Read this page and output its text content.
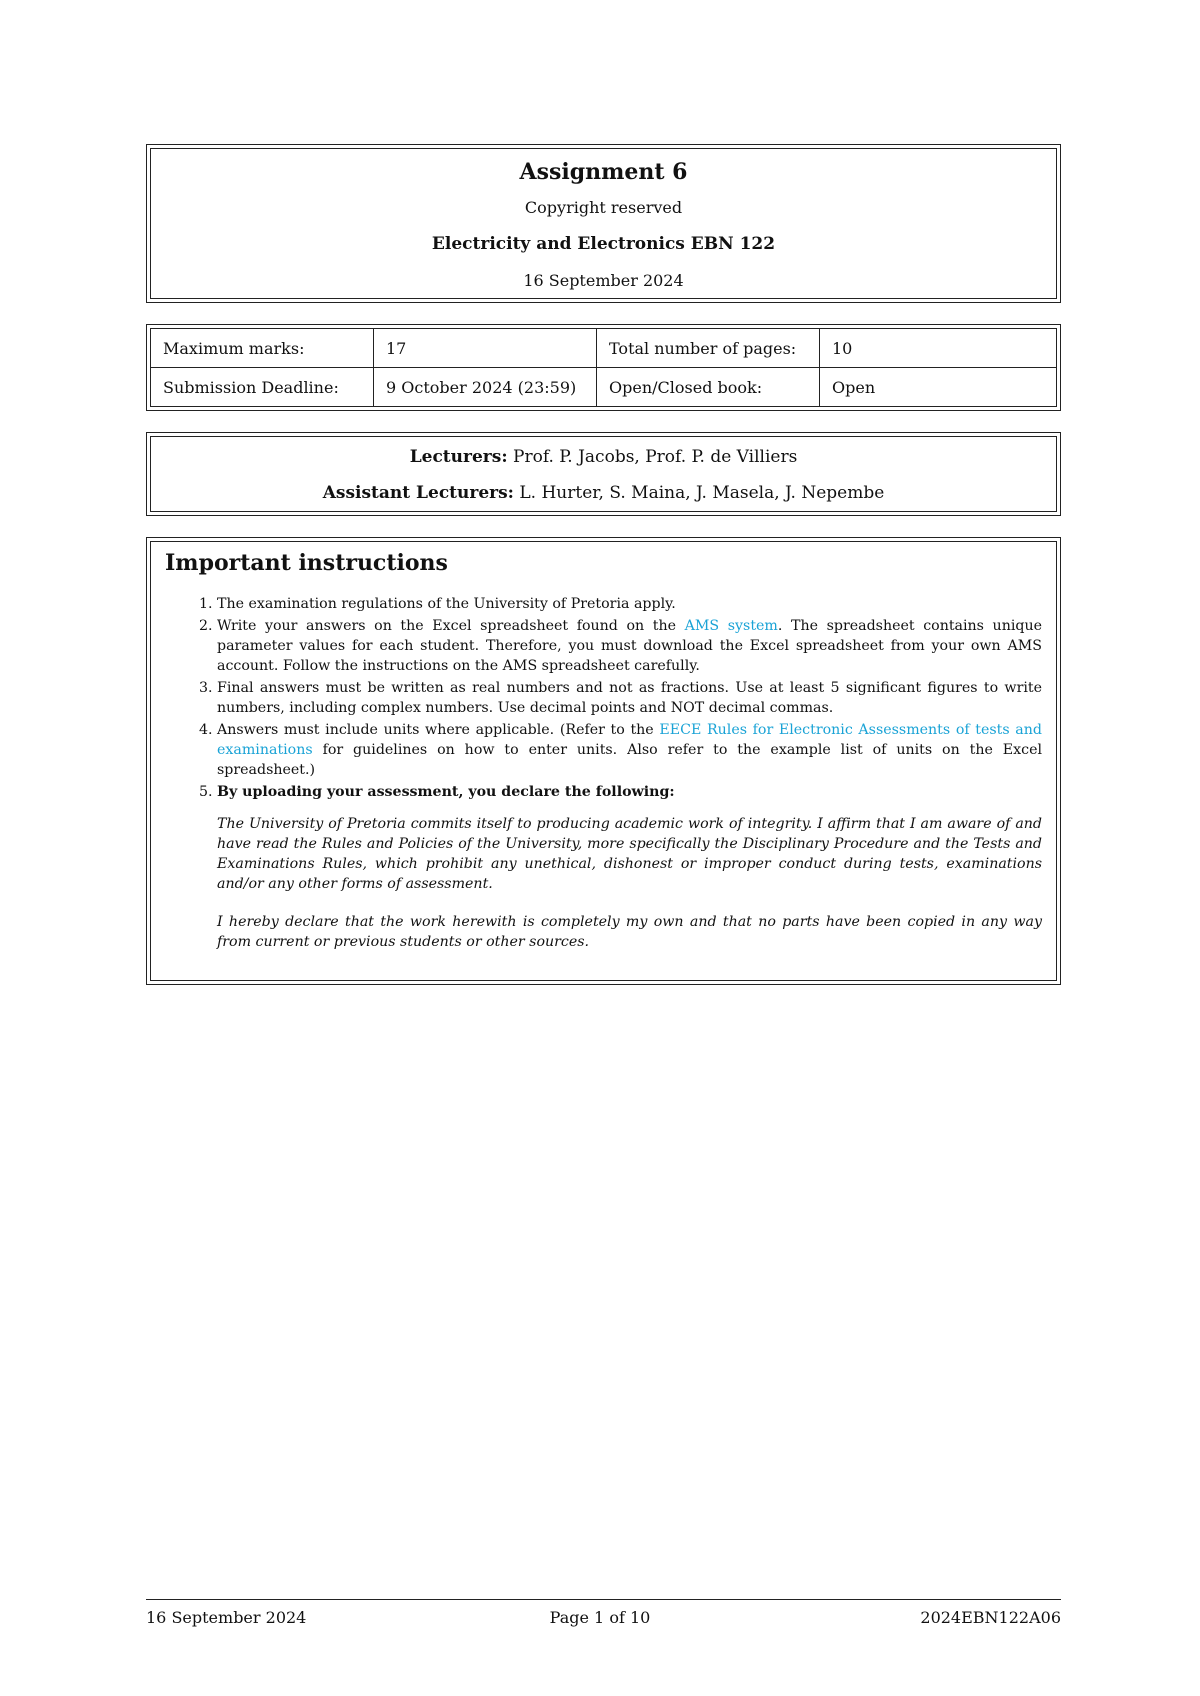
Assignment 6
Copyright reserved
Electricity and Electronics EBN 122
16 September 2024
Maximum marks:	17	Total number of pages:	10
Submission Deadline:	9 October 2024 (23:59)	Open/Closed book:	Open
Lecturers: Prof. P. Jacobs, Prof. P. de Villiers
Assistant Lecturers: L. Hurter, S. Maina, J. Masela, J. Nepembe
Important instructions
1. The examination regulations of the University of Pretoria apply.
2. Write your answers on the Excel spreadsheet found on the AMS system. The spreadsheet contains unique parameter values for each student. Therefore, you must download the Excel spreadsheet from your own AMS account. Follow the instructions on the AMS spreadsheet carefully.
3. Final answers must be written as real numbers and not as fractions. Use at least 5 significant figures to write numbers, including complex numbers. Use decimal points and NOT decimal commas.
4. Answers must include units where applicable. (Refer to the EECE Rules for Electronic Assessments of tests and examinations for guidelines on how to enter units. Also refer to the example list of units on the Excel spreadsheet.)
5. By uploading your assessment, you declare the following:
The University of Pretoria commits itself to producing academic work of integrity. I affirm that I am aware of and have read the Rules and Policies of the University, more specifically the Disciplinary Procedure and the Tests and Examinations Rules, which prohibit any unethical, dishonest or improper conduct during tests, examinations and/or any other forms of assessment.
I hereby declare that the work herewith is completely my own and that no parts have been copied in any way from current or previous students or other sources.
Page 1 of 10
16 September 2024	2024EBN122A06
